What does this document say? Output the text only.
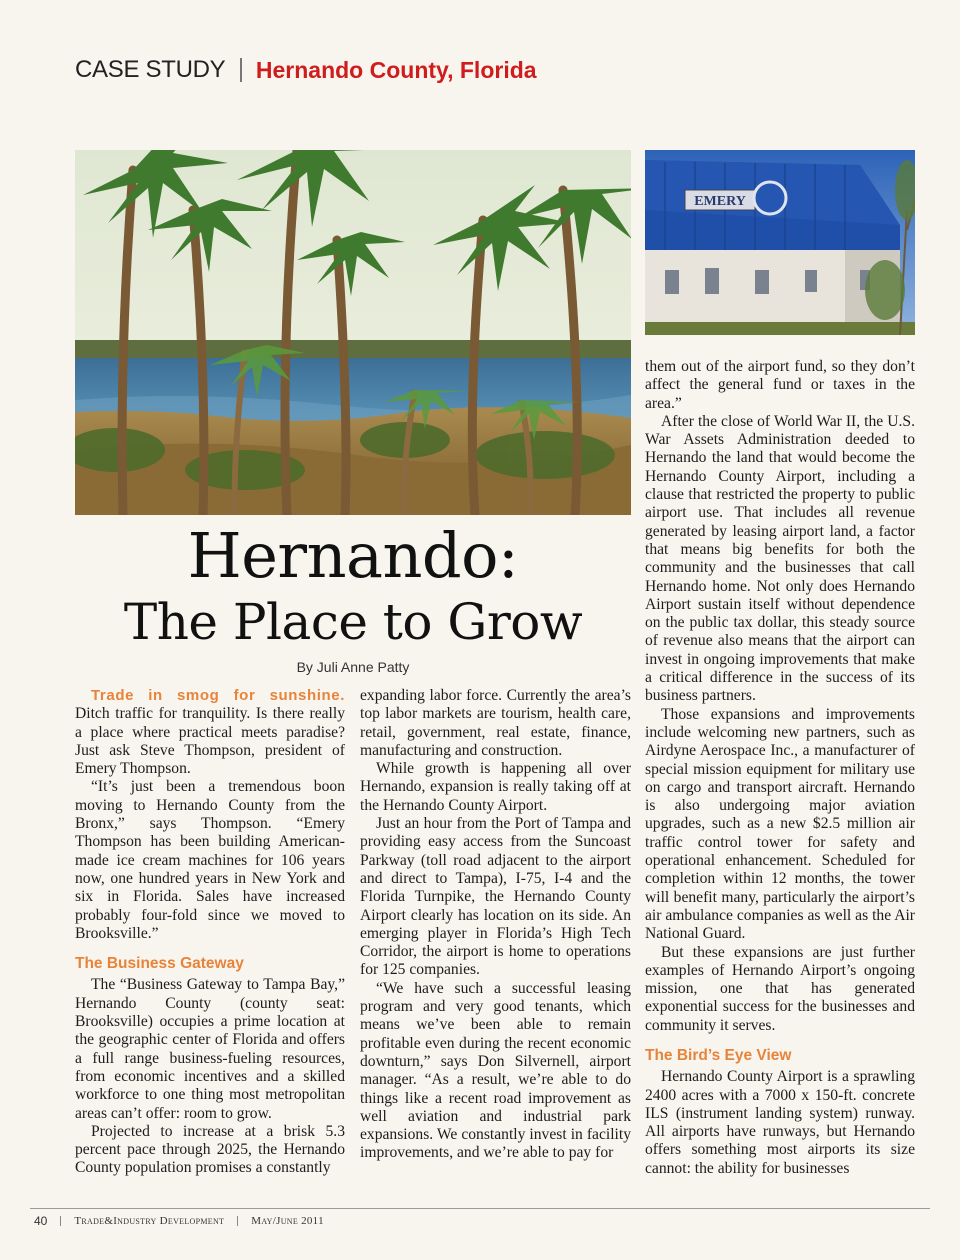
CASE STUDY Hernando County, Florida
EMERY
Hernando:
The Place to Grow
By Juli Anne Patty

Trade in smog for sunshine. Ditch traffic for tranquility. Is there really a place where practical meets paradise? Just ask Steve Thompson, president of Emery Thompson.

“It’s just been a tremendous boon moving to Hernando County from the Bronx,” says Thompson. “Emery Thompson has been building American-made ice cream machines for 106 years now, one hundred years in New York and six in Florida. Sales have increased probably four-fold since we moved to Brooksville.”

The Business Gateway

The “Business Gateway to Tampa Bay,” Hernando County (county seat: Brooksville) occupies a prime location at the geographic center of Florida and offers a full range business-fueling resources, from economic incentives and a skilled workforce to one thing most metropolitan areas can’t offer: room to grow.

Projected to increase at a brisk 5.3 percent pace through 2025, the Hernando County population promises a constantly

expanding labor force. Currently the area’s top labor markets are tourism, health care, retail, government, real estate, finance, manufacturing and construction.

While growth is happening all over Hernando, expansion is really taking off at the Hernando County Airport.

Just an hour from the Port of Tampa and providing easy access from the Suncoast Parkway (toll road adjacent to the airport and direct to Tampa), I-75, I-4 and the Florida Turnpike, the Hernando County Airport clearly has location on its side. An emerging player in Florida’s High Tech Corridor, the airport is home to operations for 125 companies.

“We have such a successful leasing program and very good tenants, which means we’ve been able to remain profitable even during the recent economic downturn,” says Don Silvernell, airport manager. “As a result, we’re able to do things like a recent road improvement as well aviation and industrial park expansions. We constantly invest in facility improvements, and we’re able to pay for

them out of the airport fund, so they don’t affect the general fund or taxes in the area.”

After the close of World War II, the U.S. War Assets Administration deeded to Hernando the land that would become the Hernando County Airport, including a clause that restricted the property to public airport use. That includes all revenue generated by leasing airport land, a factor that means big benefits for both the community and the businesses that call Hernando home. Not only does Hernando Airport sustain itself without dependence on the public tax dollar, this steady source of revenue also means that the airport can invest in ongoing improvements that make a critical difference in the success of its business partners.

Those expansions and improvements include welcoming new partners, such as Airdyne Aerospace Inc., a manufacturer of special mission equipment for military use on cargo and transport aircraft. Hernando is also undergoing major aviation upgrades, such as a new $2.5 million air traffic control tower for safety and operational enhancement. Scheduled for completion within 12 months, the tower will benefit many, particularly the airport’s air ambulance companies as well as the Air National Guard.

But these expansions are just further examples of Hernando Airport’s ongoing mission, one that has generated exponential success for the businesses and community it serves.

The Bird’s Eye View

Hernando County Airport is a sprawling 2400 acres with a 7000 x 150-ft. concrete ILS (instrument landing system) runway. All airports have runways, but Hernando offers something most airports its size cannot: the ability for businesses

40 Trade&Industry Development May/June 2011
